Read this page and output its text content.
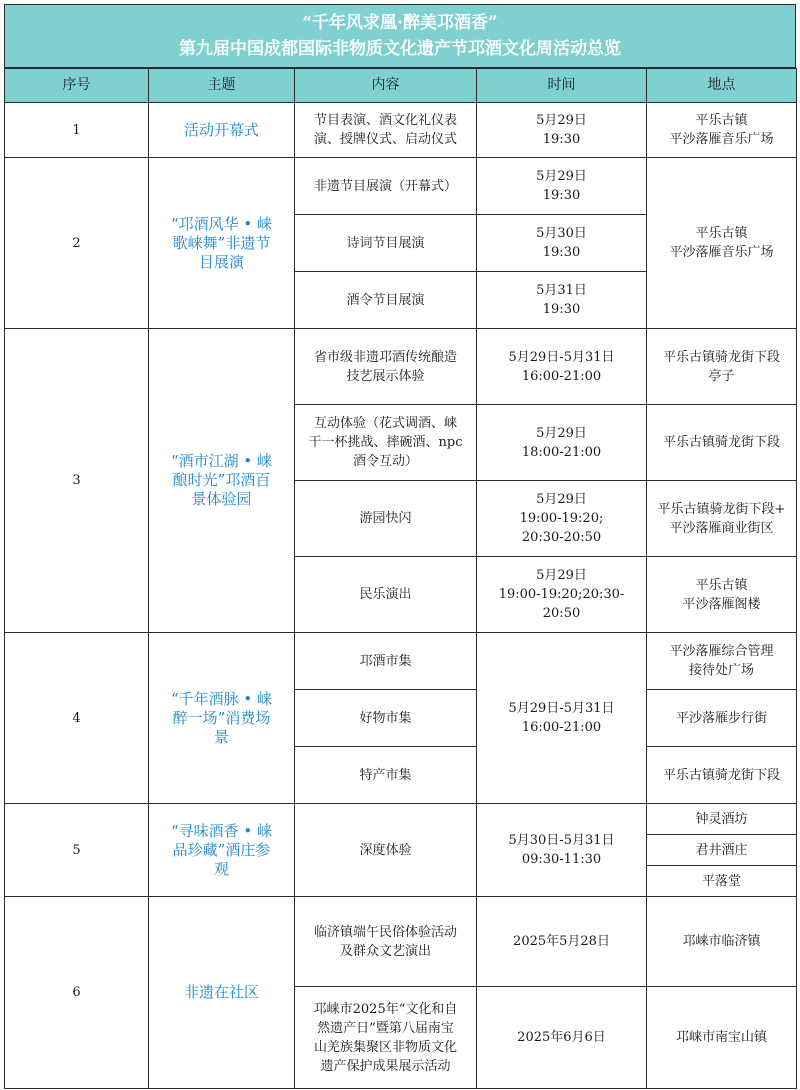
“千年风求凰·醉美邛酒香”
第九届中国成都国际非物质文化遗产节邛酒文化周活动总览
序号	主题	内容	时间	地点
1	活动开幕式	节目表演、酒文化礼仪表
演、授牌仪式、启动仪式	5月29日
19:30	平乐古镇
平沙落雁音乐广场

2	“邛酒风华 • 崃
歌崃舞”非遗节
目展演	非遗节目展演（开幕式）	5月29日
19:30	平乐古镇
平沙落雁音乐广场

		诗词节目展演	5月30日
19:30	

		酒令节目展演	5月31日
19:30	

3	“酒市江湖 • 崃
酿时光”邛酒百
景体验园	省市级非遗邛酒传统酿造
技艺展示体验	5月29日-5月31日
16:00-21:00	平乐古镇骑龙街下段
亭子

		互动体验（花式调酒、崃
干一杯挑战、摔碗酒、npc
酒令互动）	5月29日
18:00-21:00	平乐古镇骑龙街下段

		游园快闪	5月29日
19:00-19:20;
20:30-20:50	平乐古镇骑龙街下段+
平沙落雁商业街区

		民乐演出	5月29日
19:00-19:20;20:30-
20:50	平乐古镇
平沙落雁阁楼

4	“千年酒脉 • 崃
醉一场”消费场
景	邛酒市集	5月29日-5月31日
16:00-21:00	平沙落雁综合管理
接待处广场

		好物市集		平沙落雁步行街
		特产市集		平乐古镇骑龙街下段
5	“寻味酒香 • 崃
品珍藏”酒庄参
观	深度体验	5月30日-5月31日
09:30-11:30	钟灵酒坊
				君井酒庄
				平落堂
6	非遗在社区	临济镇端午民俗体验活动
及群众文艺演出	2025年5月28日	邛崃市临济镇

		邛崃市2025年“文化和自
然遗产日”暨第八届南宝
山羌族集聚区非物质文化
遗产保护成果展示活动	2025年6月6日	邛崃市南宝山镇
